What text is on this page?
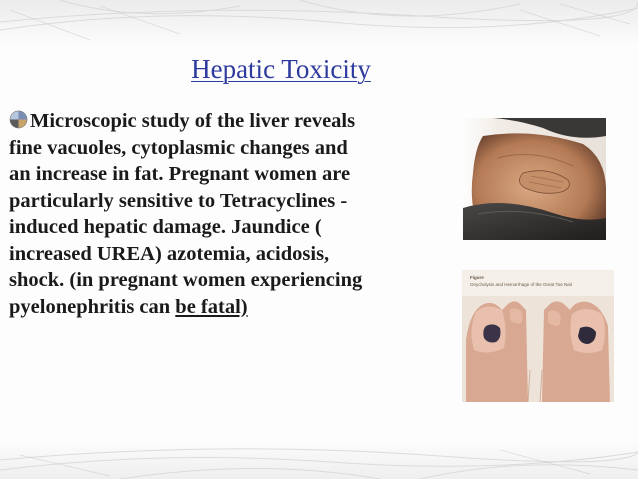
Hepatic Toxicity
Microscopic study of the liver reveals
fine vacuoles, cytoplasmic changes and
an increase in fat. Pregnant women are
particularly sensitive to Tetracyclines -
induced hepatic damage. Jaundice (
increased UREA) azotemia, acidosis,
shock. (in pregnant women experiencing
pyelonephritis can be fatal)
Figure
Onycholysis and Hemorrhage of the Great Toe Nail
